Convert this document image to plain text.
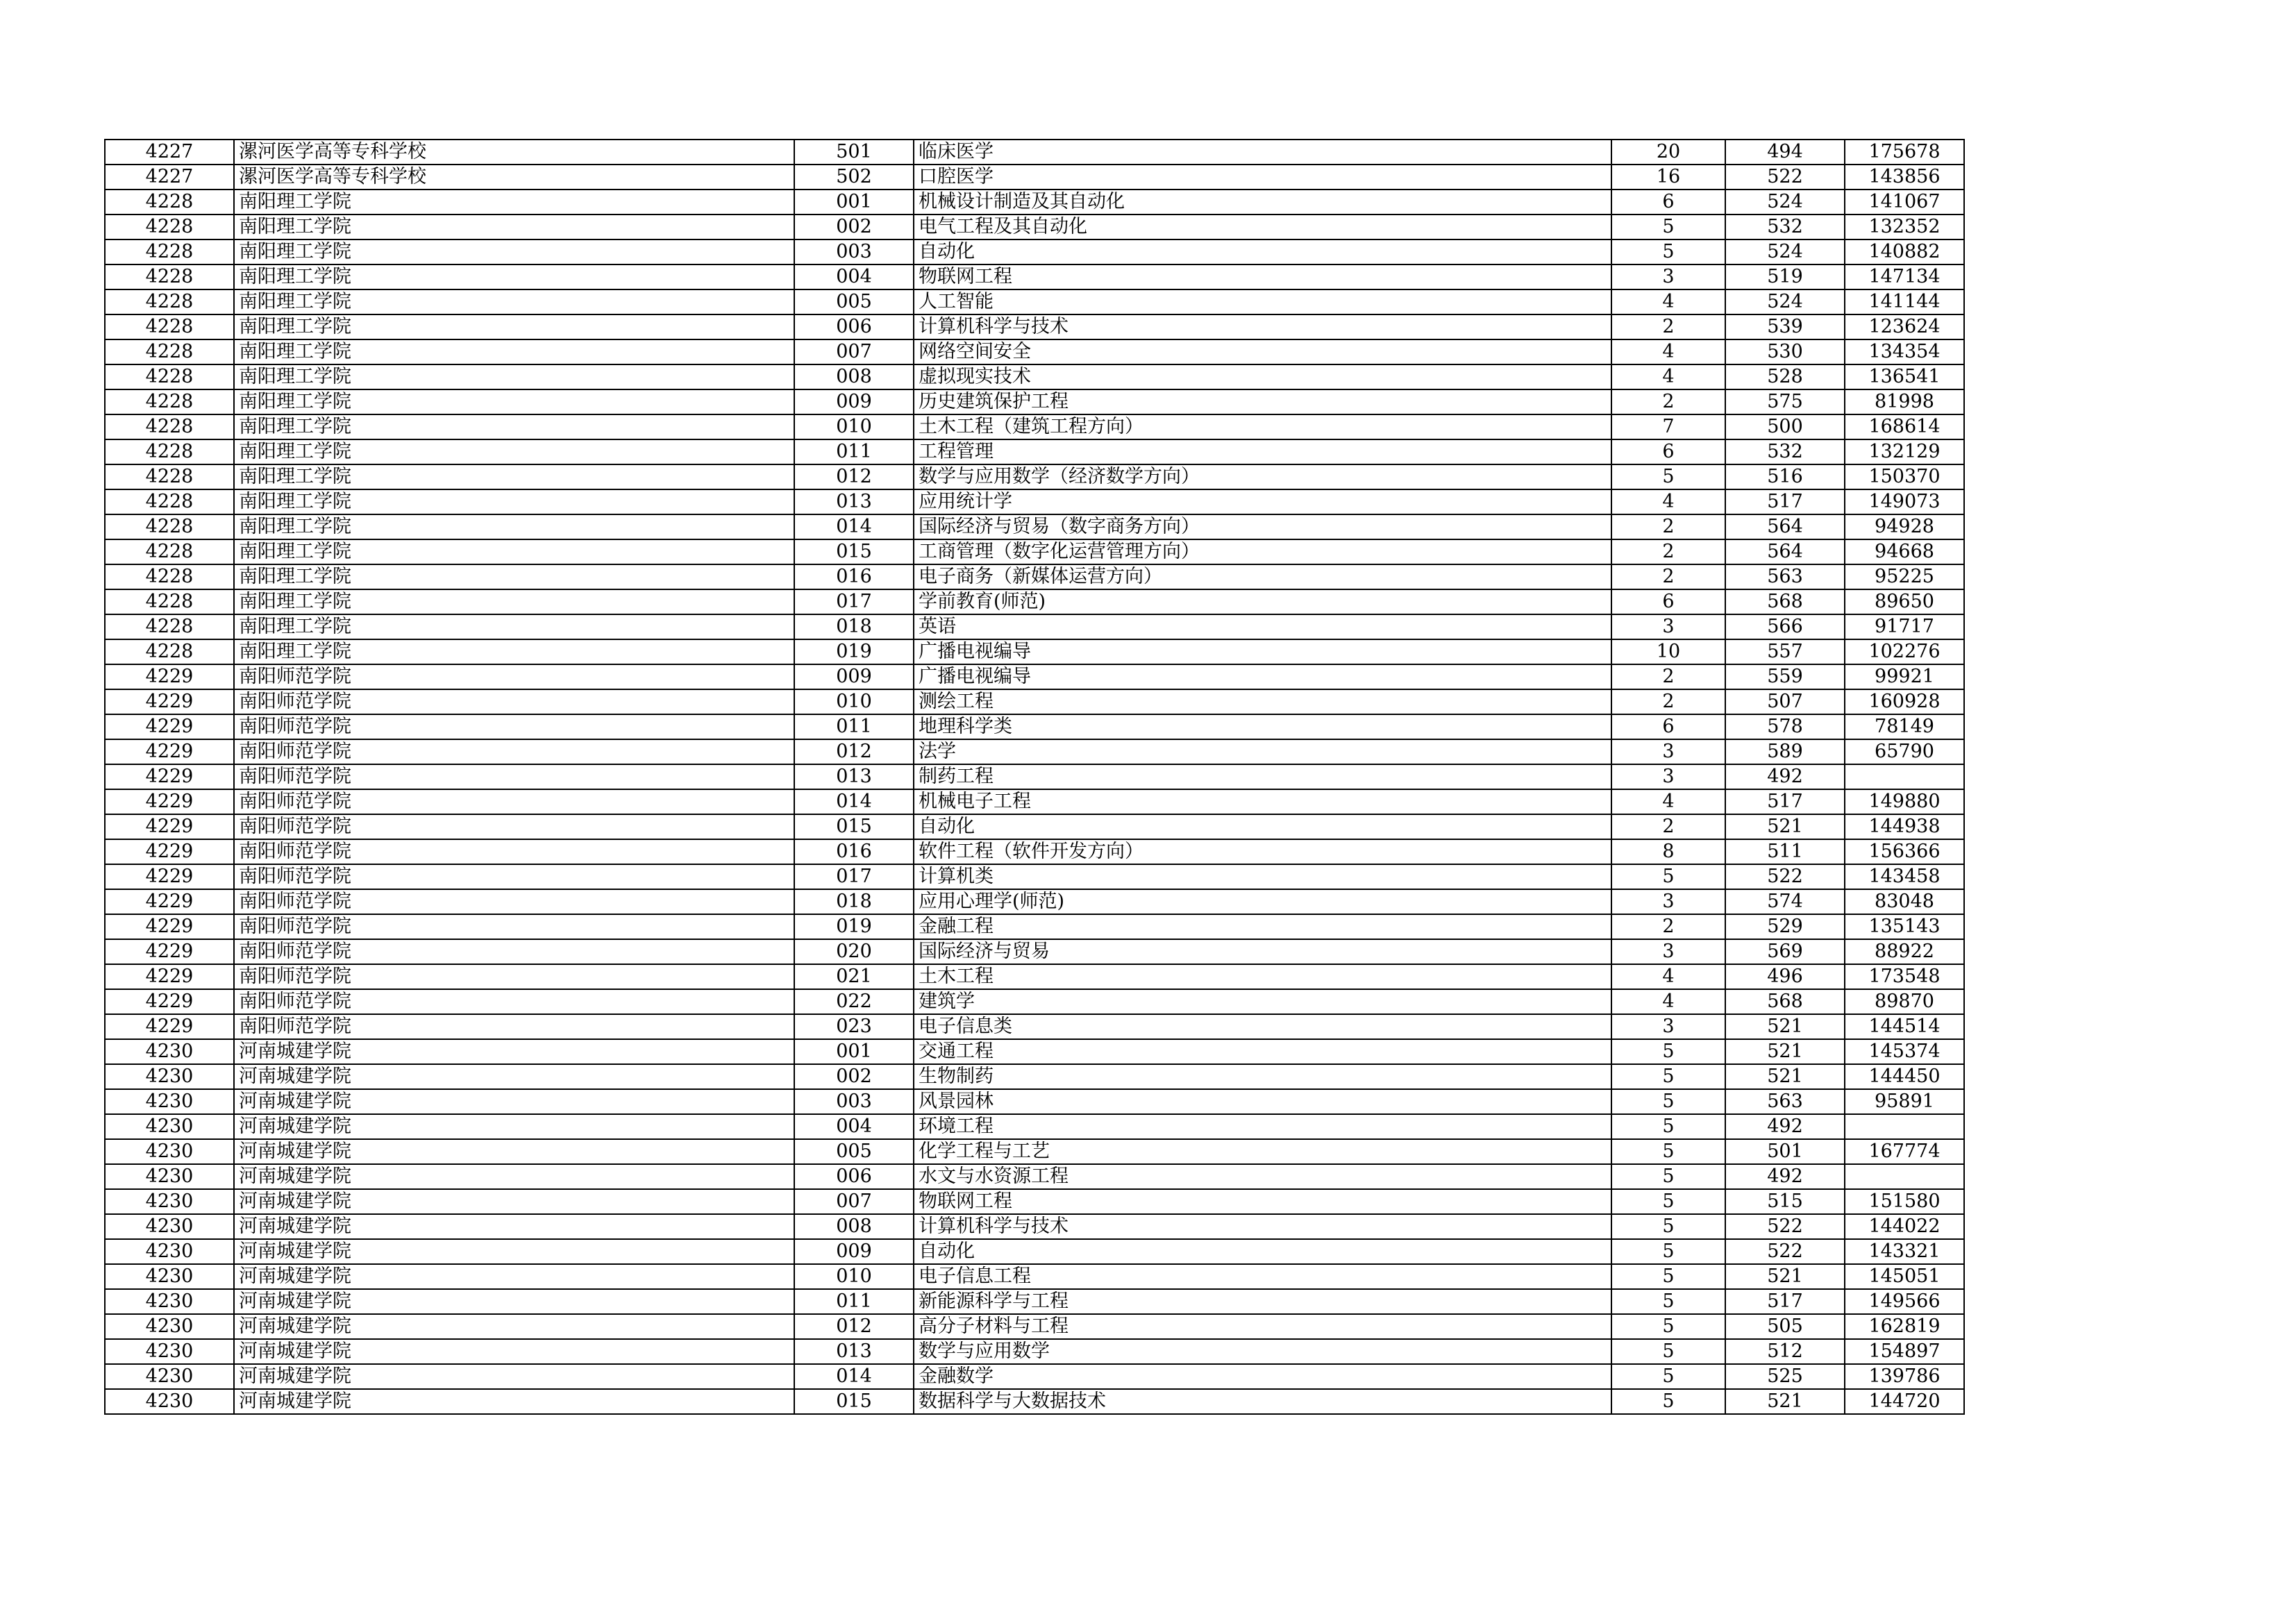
4227	漯河医学高等专科学校	501	临床医学	20	494	175678
4227	漯河医学高等专科学校	502	口腔医学	16	522	143856
4228	南阳理工学院	001	机械设计制造及其自动化	6	524	141067
4228	南阳理工学院	002	电气工程及其自动化	5	532	132352
4228	南阳理工学院	003	自动化	5	524	140882
4228	南阳理工学院	004	物联网工程	3	519	147134
4228	南阳理工学院	005	人工智能	4	524	141144
4228	南阳理工学院	006	计算机科学与技术	2	539	123624
4228	南阳理工学院	007	网络空间安全	4	530	134354
4228	南阳理工学院	008	虚拟现实技术	4	528	136541
4228	南阳理工学院	009	历史建筑保护工程	2	575	81998
4228	南阳理工学院	010	土木工程（建筑工程方向）	7	500	168614
4228	南阳理工学院	011	工程管理	6	532	132129
4228	南阳理工学院	012	数学与应用数学（经济数学方向）	5	516	150370
4228	南阳理工学院	013	应用统计学	4	517	149073
4228	南阳理工学院	014	国际经济与贸易（数字商务方向）	2	564	94928
4228	南阳理工学院	015	工商管理（数字化运营管理方向）	2	564	94668
4228	南阳理工学院	016	电子商务（新媒体运营方向）	2	563	95225
4228	南阳理工学院	017	学前教育(师范)	6	568	89650
4228	南阳理工学院	018	英语	3	566	91717
4228	南阳理工学院	019	广播电视编导	10	557	102276
4229	南阳师范学院	009	广播电视编导	2	559	99921
4229	南阳师范学院	010	测绘工程	2	507	160928
4229	南阳师范学院	011	地理科学类	6	578	78149
4229	南阳师范学院	012	法学	3	589	65790
4229	南阳师范学院	013	制药工程	3	492	
4229	南阳师范学院	014	机械电子工程	4	517	149880
4229	南阳师范学院	015	自动化	2	521	144938
4229	南阳师范学院	016	软件工程（软件开发方向）	8	511	156366
4229	南阳师范学院	017	计算机类	5	522	143458
4229	南阳师范学院	018	应用心理学(师范)	3	574	83048
4229	南阳师范学院	019	金融工程	2	529	135143
4229	南阳师范学院	020	国际经济与贸易	3	569	88922
4229	南阳师范学院	021	土木工程	4	496	173548
4229	南阳师范学院	022	建筑学	4	568	89870
4229	南阳师范学院	023	电子信息类	3	521	144514
4230	河南城建学院	001	交通工程	5	521	145374
4230	河南城建学院	002	生物制药	5	521	144450
4230	河南城建学院	003	风景园林	5	563	95891
4230	河南城建学院	004	环境工程	5	492	
4230	河南城建学院	005	化学工程与工艺	5	501	167774
4230	河南城建学院	006	水文与水资源工程	5	492	
4230	河南城建学院	007	物联网工程	5	515	151580
4230	河南城建学院	008	计算机科学与技术	5	522	144022
4230	河南城建学院	009	自动化	5	522	143321
4230	河南城建学院	010	电子信息工程	5	521	145051
4230	河南城建学院	011	新能源科学与工程	5	517	149566
4230	河南城建学院	012	高分子材料与工程	5	505	162819
4230	河南城建学院	013	数学与应用数学	5	512	154897
4230	河南城建学院	014	金融数学	5	525	139786
4230	河南城建学院	015	数据科学与大数据技术	5	521	144720
